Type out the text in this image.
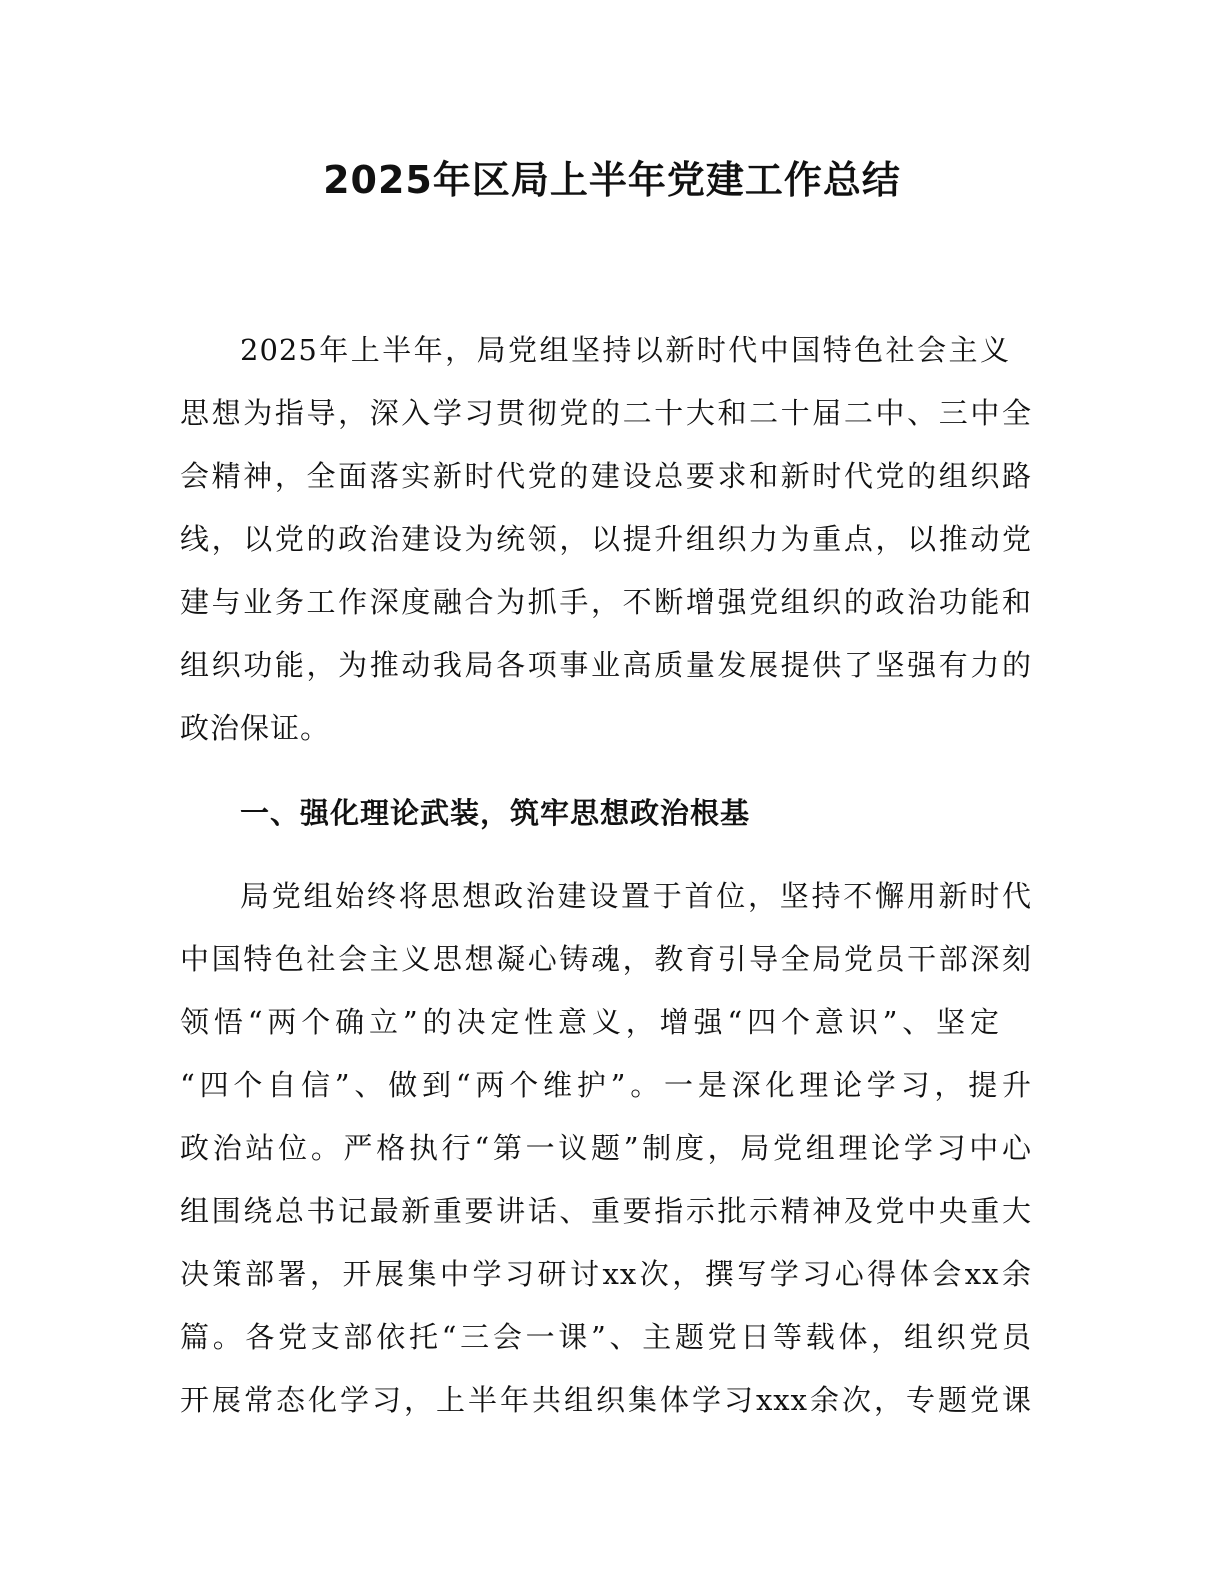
2025年区局上半年党建工作总结
2025年上半年，局党组坚持以新时代中国特色社会主义
思想为指导，深入学习贯彻党的二十大和二十届二中、三中全
会精神，全面落实新时代党的建设总要求和新时代党的组织路
线，以党的政治建设为统领，以提升组织力为重点，以推动党
建与业务工作深度融合为抓手，不断增强党组织的政治功能和
组织功能，为推动我局各项事业高质量发展提供了坚强有力的
政治保证。
一、强化理论武装，筑牢思想政治根基
局党组始终将思想政治建设置于首位，坚持不懈用新时代
中国特色社会主义思想凝心铸魂，教育引导全局党员干部深刻
领悟“两个确立”的决定性意义，增强“四个意识”、坚定
“四个自信”、做到“两个维护”。一是深化理论学习，提升
政治站位。严格执行“第一议题”制度，局党组理论学习中心
组围绕总书记最新重要讲话、重要指示批示精神及党中央重大
决策部署，开展集中学习研讨xx次，撰写学习心得体会xx余
篇。各党支部依托“三会一课”、主题党日等载体，组织党员
开展常态化学习，上半年共组织集体学习xxx余次，专题党课
